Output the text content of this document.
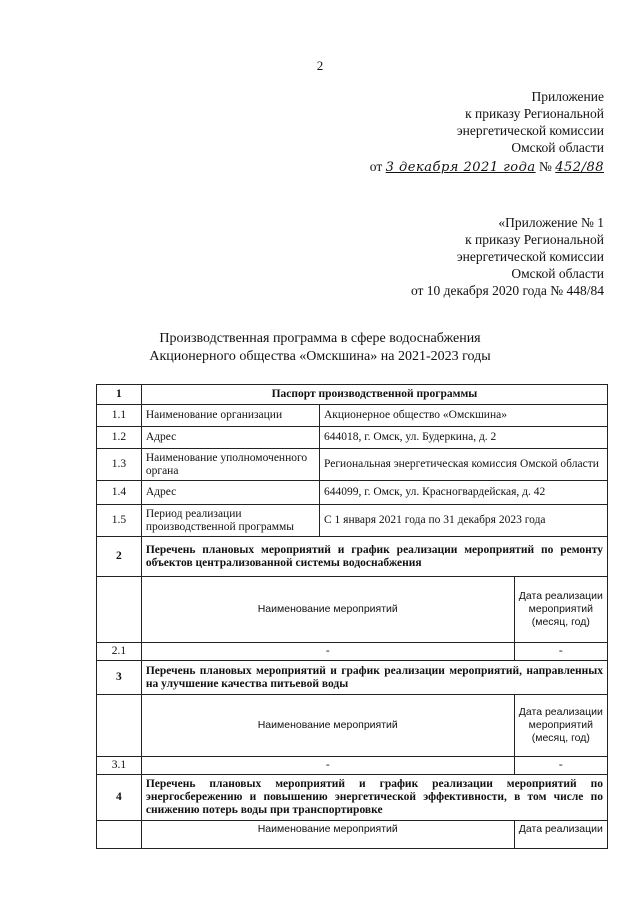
2
Приложение
к приказу Региональной
энергетической комиссии
Омской области
от 3 декабря 2021 года № 452/88
«Приложение № 1
к приказу Региональной
энергетической комиссии
Омской области
от 10 декабря 2020 года № 448/84
Производственная программа в сфере водоснабжения
Акционерного общества «Омскшина» на 2021-2023 годы
1	Паспорт производственной программы		
1.1	Наименование организации	Акционерное общество «Омскшина»	
1.2	Адрес	644018, г. Омск, ул. Будеркина, д. 2	
1.3	Наименование уполномоченного органа	Региональная энергетическая комиссия Омской области	
1.4	Адрес	644099, г. Омск, ул. Красногвардейская, д. 42	
1.5	Период реализации производственной программы	С 1 января 2021 года по 31 декабря 2023 года	
2	Перечень плановых мероприятий и график реализации мероприятий по ремонту объектов централизованной системы водоснабжения		
	Наименование мероприятий		Дата реализации мероприятий (месяц, год)
2.1	-		-
3	Перечень плановых мероприятий и график реализации мероприятий, направленных на улучшение качества питьевой воды		
	Наименование мероприятий		Дата реализации мероприятий (месяц, год)
3.1	-		-
4	Перечень плановых мероприятий и график реализации мероприятий по энергосбережению и повышению энергетической эффективности, в том числе по снижению потерь воды при транспортировке		
	Наименование мероприятий		Дата реализации
